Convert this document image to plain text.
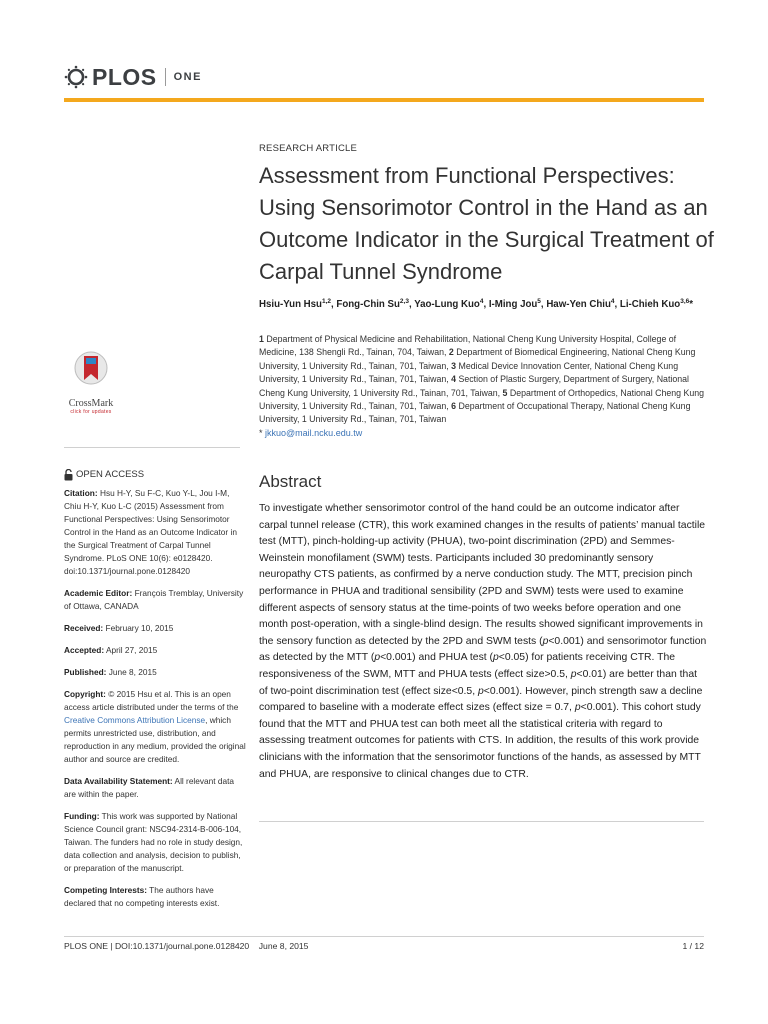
PLOS ONE
CrossMark
click for updates
OPEN ACCESS

Citation: Hsu H-Y, Su F-C, Kuo Y-L, Jou I-M, Chiu H-Y, Kuo L-C (2015) Assessment from Functional Perspectives: Using Sensorimotor Control in the Hand as an Outcome Indicator in the Surgical Treatment of Carpal Tunnel Syndrome. PLoS ONE 10(6): e0128420. doi:10.1371/journal.pone.0128420

Academic Editor: François Tremblay, University of Ottawa, CANADA

Received: February 10, 2015

Accepted: April 27, 2015

Published: June 8, 2015

Copyright: © 2015 Hsu et al. This is an open access article distributed under the terms of the Creative Commons Attribution License, which permits unrestricted use, distribution, and reproduction in any medium, provided the original author and source are credited.

Data Availability Statement: All relevant data are within the paper.

Funding: This work was supported by National Science Council grant: NSC94-2314-B-006-104, Taiwan. The funders had no role in study design, data collection and analysis, decision to publish, or preparation of the manuscript.

Competing Interests: The authors have declared that no competing interests exist.

RESEARCH ARTICLE
Assessment from Functional Perspectives: Using Sensorimotor Control in the Hand as an Outcome Indicator in the Surgical Treatment of Carpal Tunnel Syndrome
Hsiu-Yun Hsu$^{1,2}$, Fong-Chin Su$^{2,3}$, Yao-Lung Kuo$^4$, I-Ming Jou$^5$, Haw-Yen Chiu$^4$, Li-Chieh Kuo$^{3,6}$*
1 Department of Physical Medicine and Rehabilitation, National Cheng Kung University Hospital, College of Medicine, 138 Shengli Rd., Tainan, 704, Taiwan, 2 Department of Biomedical Engineering, National Cheng Kung University, 1 University Rd., Tainan, 701, Taiwan, 3 Medical Device Innovation Center, National Cheng Kung University, 1 University Rd., Tainan, 701, Taiwan, 4 Section of Plastic Surgery, Department of Surgery, National Cheng Kung University, 1 University Rd., Tainan, 701, Taiwan, 5 Department of Orthopedics, National Cheng Kung University, 1 University Rd., Tainan, 701, Taiwan, 6 Department of Occupational Therapy, National Cheng Kung University, 1 University Rd., Tainan, 701, Taiwan
* jkkuo@mail.ncku.edu.tw
Abstract
To investigate whether sensorimotor control of the hand could be an outcome indicator after carpal tunnel release (CTR), this work examined changes in the results of patients’ manual tactile test (MTT), pinch-holding-up activity (PHUA), two-point discrimination (2PD) and Semmes-Weinstein monofilament (SWM) tests. Participants included 30 predominantly sensory neuropathy CTS patients, as confirmed by a nerve conduction study. The MTT, precision pinch performance in PHUA and traditional sensibility (2PD and SWM) tests were used to examine different aspects of sensory status at the time-points of two weeks before operation and one month post-operation, with a single-blind design. The results showed significant improvements in the sensory function as detected by the 2PD and SWM tests (p<0.001) and sensorimotor function as detected by the MTT (p<0.001) and PHUA test (p<0.05) for patients receiving CTR. The responsiveness of the SWM, MTT and PHUA tests (effect size>0.5, p<0.01) are better than that of two-point discrimination test (effect size<0.5, p<0.001). However, pinch strength saw a decline compared to baseline with a moderate effect sizes (effect size = 0.7, p<0.001). This cohort study found that the MTT and PHUA test can both meet all the statistical criteria with regard to assessing treatment outcomes for patients with CTS. In addition, the results of this work provide clinicians with the information that the sensorimotor functions of the hands, as assessed by MTT and PHUA, are responsive to clinical changes due to CTR.
PLOS ONE | DOI:10.1371/journal.pone.0128420    June 8, 2015	1 / 12
